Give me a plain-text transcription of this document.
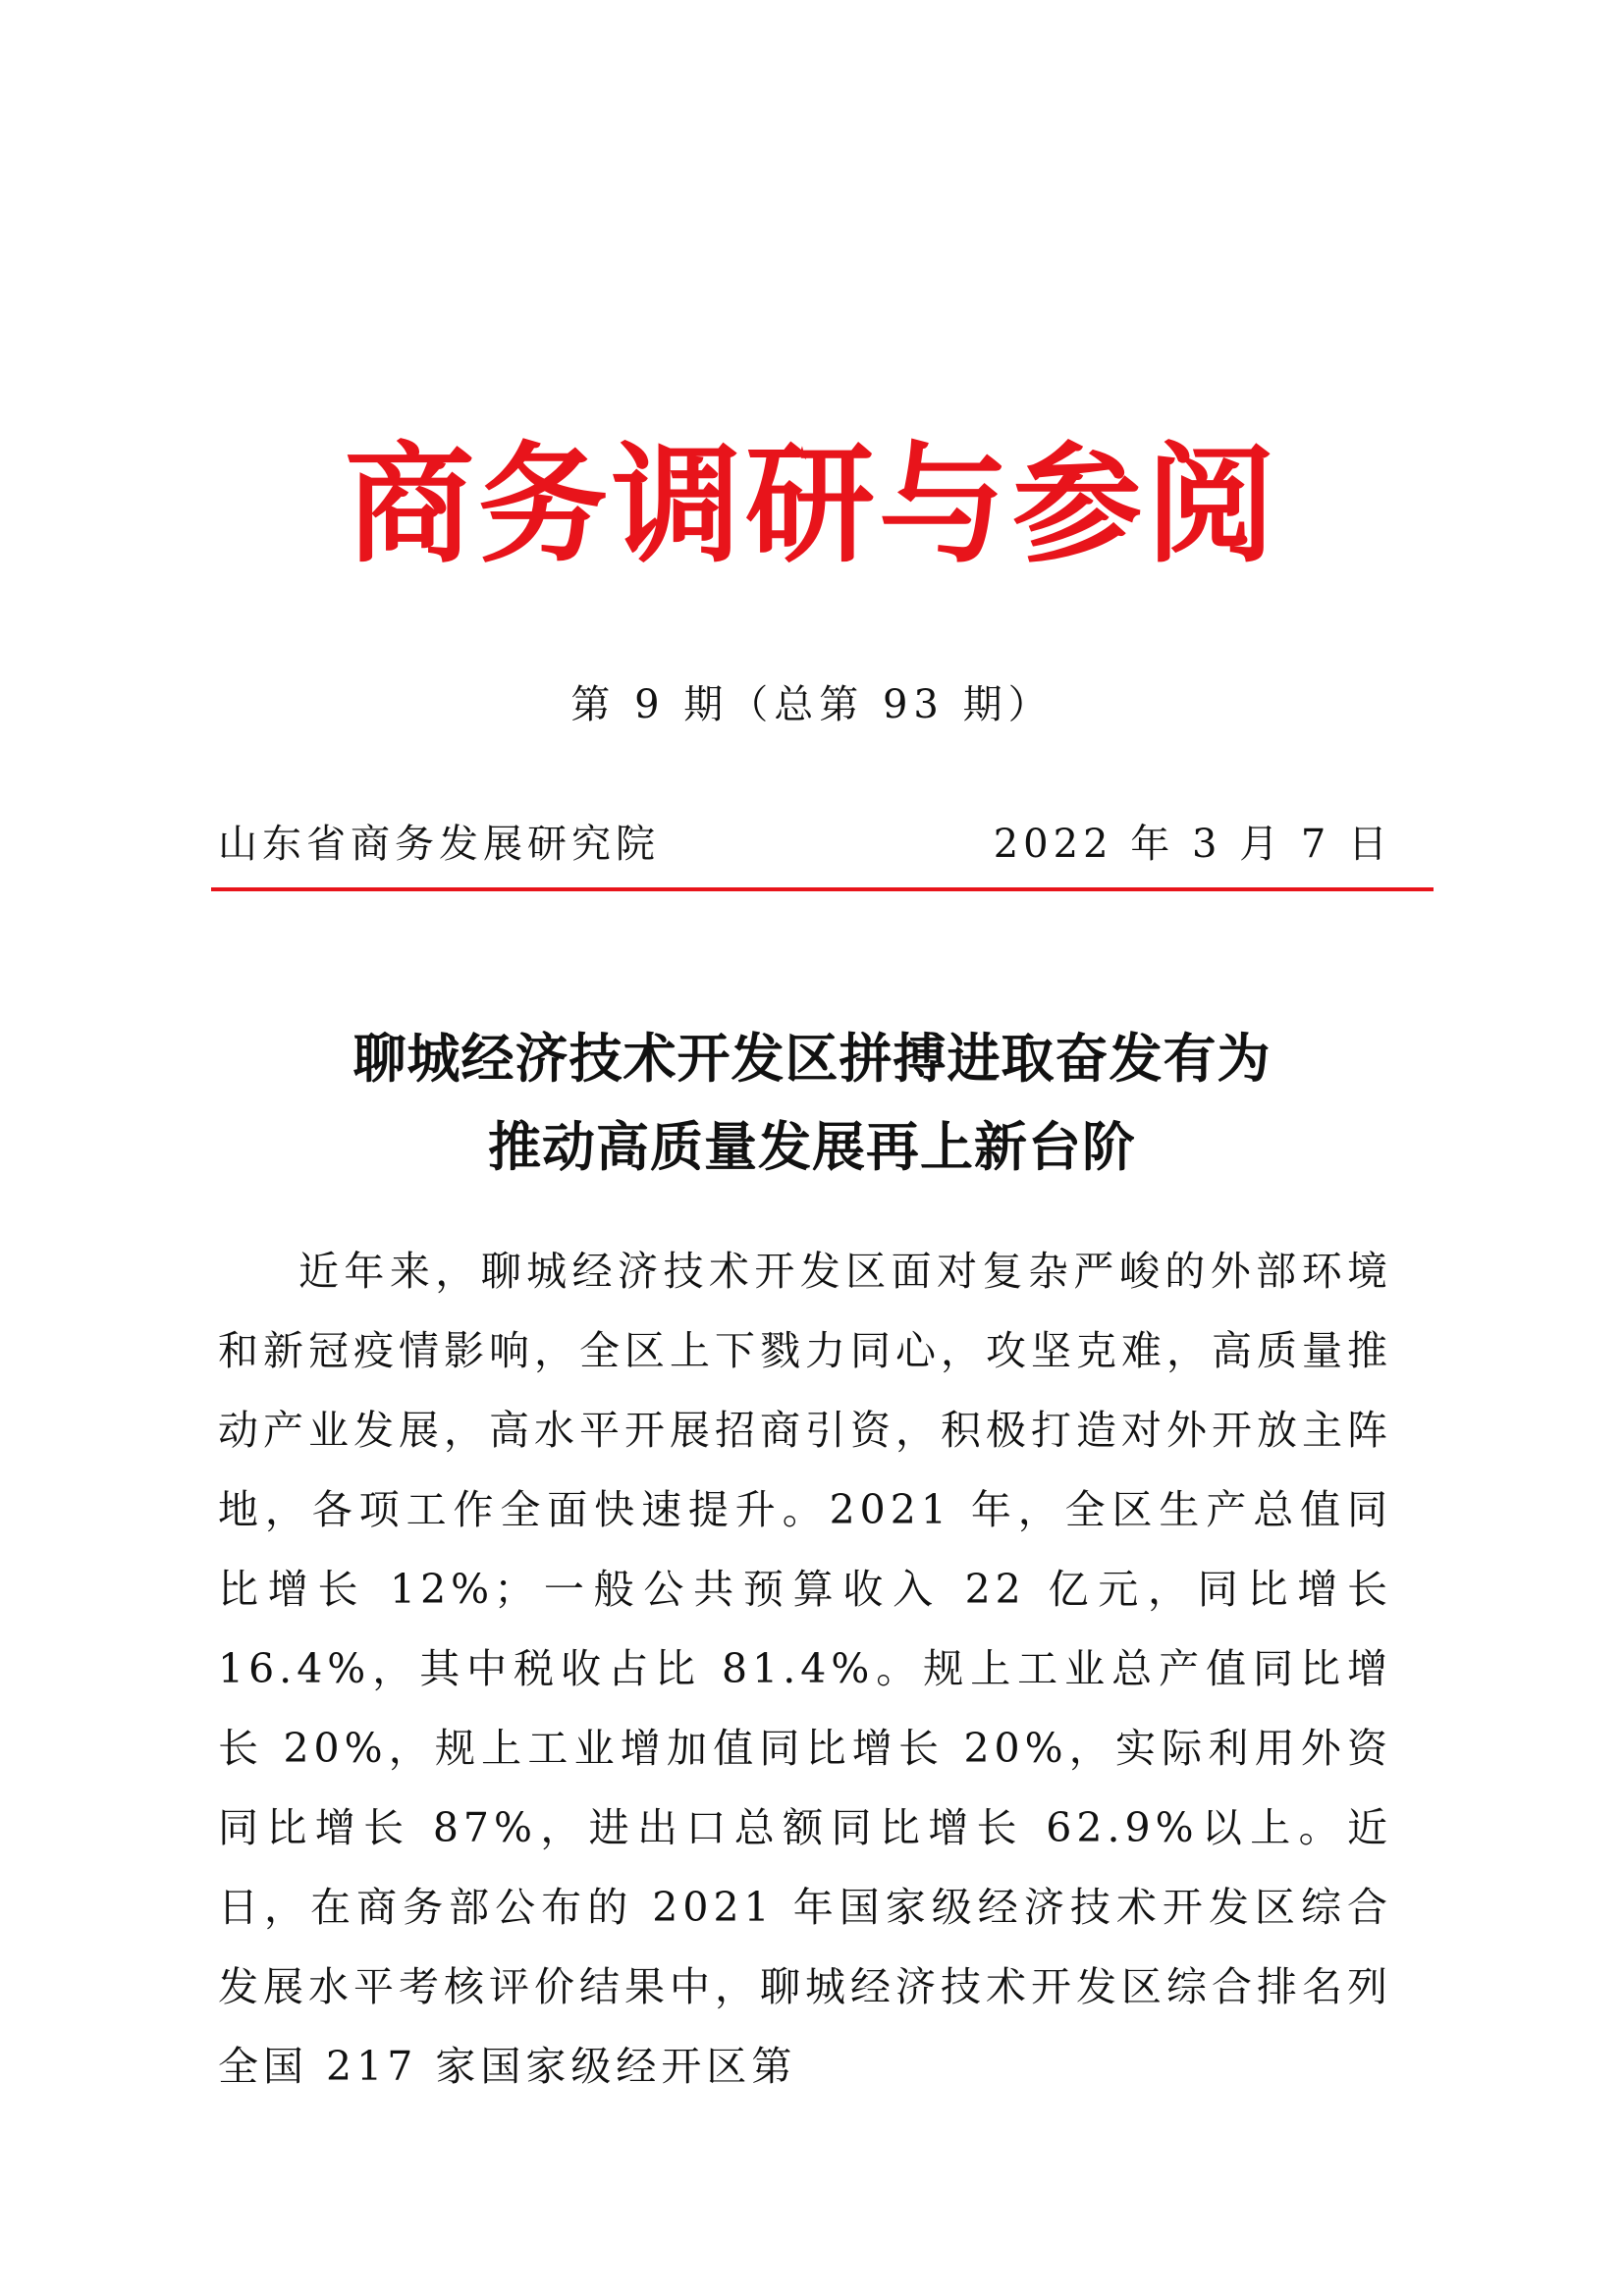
商务调研与参阅
第 9 期（总第 93 期）
山东省商务发展研究院	2022 年 3 月 7 日
聊城经济技术开发区拼搏进取奋发有为
推动高质量发展再上新台阶

近年来，聊城经济技术开发区面对复杂严峻的外部环境和新冠疫情影响，全区上下戮力同心，攻坚克难，高质量推动产业发展，高水平开展招商引资，积极打造对外开放主阵地，各项工作全面快速提升。2021 年，全区生产总值同比增长 12%；一般公共预算收入 22 亿元，同比增长 16.4%，其中税收占比 81.4%。规上工业总产值同比增长 20%，规上工业增加值同比增长 20%，实际利用外资同比增长 87%，进出口总额同比增长 62.9%以上。近日，在商务部公布的 2021 年国家级经济技术开发区综合发展水平考核评价结果中，聊城经济技术开发区综合排名列全国 217 家国家级经开区第
